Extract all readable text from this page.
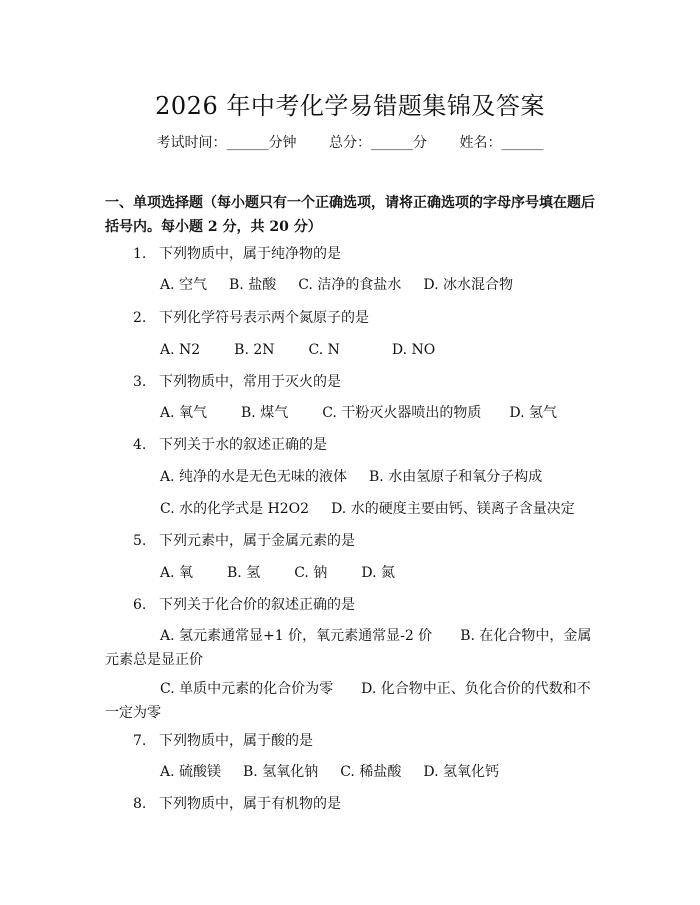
2026 年中考化学易错题集锦及答案
考试时间：______分钟 总分：______分 姓名：______
一、单项选择题（每小题只有一个正确选项，请将正确选项的字母序号填在题后括号内。每小题 2 分，共 20 分）
1. 下列物质中，属于纯净物的是
A. 空气 B. 盐酸 C. 洁净的食盐水 D. 冰水混合物
2. 下列化学符号表示两个氮原子的是
A. N2 B. 2N C. N	D. NO
3. 下列物质中，常用于灭火的是
A. 氧气 B. 煤气 C. 干粉灭火器喷出的物质 D. 氢气
4. 下列关于水的叙述正确的是
A. 纯净的水是无色无味的液体 B. 水由氢原子和氧分子构成
C. 水的化学式是 H2O2 D. 水的硬度主要由钙、镁离子含量决定
5. 下列元素中，属于金属元素的是
A. 氧 B. 氢 C. 钠 D. 氮
6. 下列关于化合价的叙述正确的是
A. 氢元素通常显+1 价，氧元素通常显-2 价　　 B. 在化合物中，金属元素总是显正价
C. 单质中元素的化合价为零　　 D. 化合物中正、负化合价的代数和不一定为零
7. 下列物质中，属于酸的是
A. 硫酸镁 B. 氢氧化钠 C. 稀盐酸 D. 氢氧化钙
8. 下列物质中，属于有机物的是
